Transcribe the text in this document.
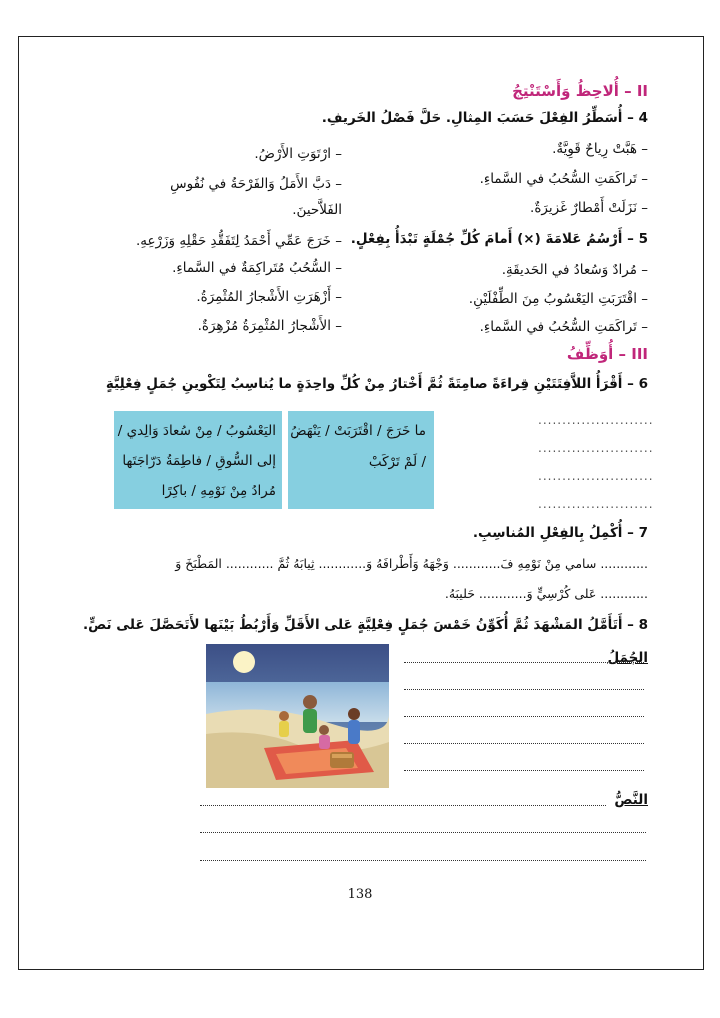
II – أُلاحِظُ وَأَسْتَنْتِجُ
4 – أُسَطِّرُ الفِعْلَ حَسَبَ المِثالِ. حَلَّ فَصْلُ الخَريفِ.
– هَبَّتْ رِياحٌ قَوِيَّةٌ.
– تَراكَمَتِ السُّحُبُ في السَّماءِ.
– نَزَلَتْ أَمْطارٌ غَزيرَةٌ.
– ارْتَوَتِ الأَرْضُ.
– دَبَّ الأَمَلُ وَالفَرْحَةُ في نُفُوسِ
الفَلاَّحينَ.
– خَرَجَ عَمِّي أَحْمَدُ لِتَفَقُّدِ حَقْلِهِ وَزَرْعِهِ. 5 – أَرْسُمُ عَلامَةَ (×) أَمامَ كُلِّ جُمْلَةٍ تَبْدَأُ بِفِعْلٍ.
– مُرادٌ وَسُعادُ في الحَديقَةِ.
– اقْتَرَبَتِ اليَعْسُوبُ مِنَ الطِّفْلَيْنِ.
– تَراكَمَتِ السُّحُبُ في السَّماءِ.
– السُّحُبُ مُتَراكِمَةٌ في السَّماءِ.
– أَزْهَرَتِ الأَشْجارُ المُثْمِرَةُ.
– الأَشْجارُ المُثْمِرَةُ مُزْهِرَةٌ.
III – أُوَظِّفُ
6 – أَقْرَأُ اللاَّفِتَتَيْنِ قِراءَةً صامِتَةً ثُمَّ أَخْتارُ مِنْ كُلِّ واحِدَةٍ ما يُناسِبُ لِتَكْوينِ جُمَلٍ فِعْلِيَّةٍ
ما خَرَجَ / اقْتَرَبَتْ / يَنْهَضُ
/ لَمْ تَرْكَبْ
اليَعْسُوبُ / مِنْ سُعادَ وَالِدي /
إلى السُّوقِ / فاطِمَةُ دَرّاجَتَها
مُرادُ مِنْ نَوْمِهِ / باكِرًا
........................
........................
........................
........................
7 – أُكْمِلُ بِالفِعْلِ المُناسِبِ.
............ سامي مِنْ نَوْمِهِ فَ............ وَجْهَهُ وَأَطْرافَهُ وَ............ ثِيابَهُ ثُمَّ ............ المَطْبَخَ وَ
............ عَلى كُرْسِيٍّ وَ............ حَليبَهُ.
8 – أَتَأَمَّلُ المَشْهَدَ ثُمَّ أُكَوِّنُ خَمْسَ جُمَلٍ فِعْلِيَّةٍ عَلى الأَقَلِّ وَأَرْبُطُ بَيْنَها لأَتَحَصَّلَ عَلى نَصٍّ.
الجُمَلُ
النَّصُّ
138
